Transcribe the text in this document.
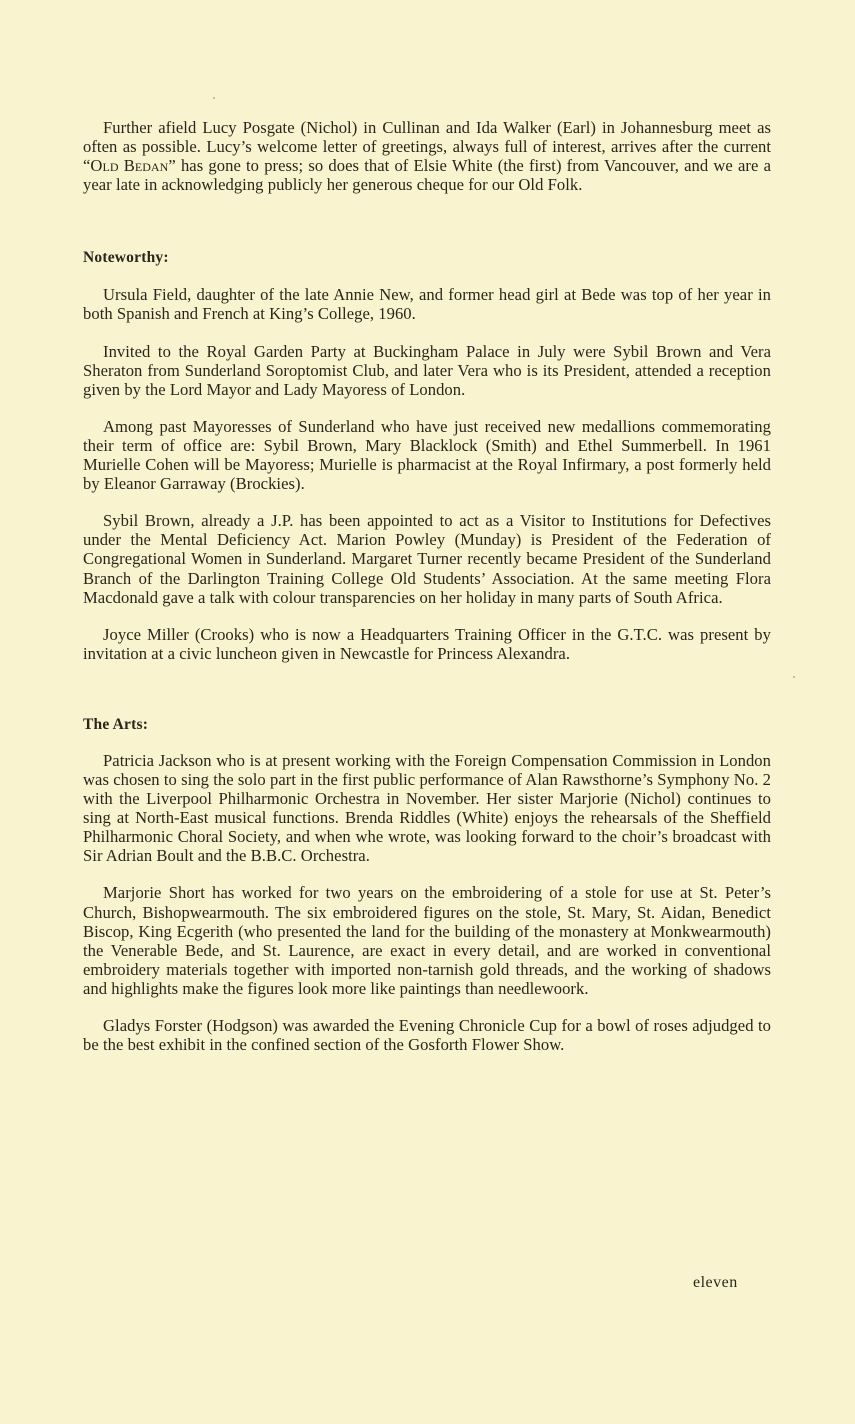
Further afield Lucy Posgate (Nichol) in Cullinan and Ida Walker (Earl) in Johannesburg meet as often as possible. Lucy’s welcome letter of greetings, always full of interest, arrives after the current “Old Bedan” has gone to press; so does that of Elsie White (the first) from Vancouver, and we are a year late in acknowledging publicly her generous cheque for our Old Folk.

Noteworthy:

Ursula Field, daughter of the late Annie New, and former head girl at Bede was top of her year in both Spanish and French at King’s College, 1960.

Invited to the Royal Garden Party at Buckingham Palace in July were Sybil Brown and Vera Sheraton from Sunderland Soroptomist Club, and later Vera who is its President, attended a reception given by the Lord Mayor and Lady Mayoress of London.

Among past Mayoresses of Sunderland who have just received new medallions commemorating their term of office are: Sybil Brown, Mary Blacklock (Smith) and Ethel Summerbell. In 1961 Murielle Cohen will be Mayoress; Murielle is pharmacist at the Royal Infirmary, a post formerly held by Eleanor Garraway (Brockies).

Sybil Brown, already a J.P. has been appointed to act as a Visitor to Institutions for Defectives under the Mental Deficiency Act. Marion Powley (Munday) is President of the Federation of Congregational Women in Sunderland. Margaret Turner recently became President of the Sunderland Branch of the Darlington Training College Old Students’ Association. At the same meeting Flora Macdonald gave a talk with colour transparencies on her holiday in many parts of South Africa.

Joyce Miller (Crooks) who is now a Headquarters Training Officer in the G.T.C. was present by invitation at a civic luncheon given in Newcastle for Princess Alexandra.

The Arts:

Patricia Jackson who is at present working with the Foreign Compensation Commission in London was chosen to sing the solo part in the first public performance of Alan Rawsthorne’s Symphony No. 2 with the Liverpool Philharmonic Orchestra in November. Her sister Marjorie (Nichol) continues to sing at North-East musical functions. Brenda Riddles (White) enjoys the rehearsals of the Sheffield Philharmonic Choral Society, and when whe wrote, was looking forward to the choir’s broadcast with Sir Adrian Boult and the B.B.C. Orchestra.

Marjorie Short has worked for two years on the embroidering of a stole for use at St. Peter’s Church, Bishopwearmouth. The six embroidered figures on the stole, St. Mary, St. Aidan, Benedict Biscop, King Ecgerith (who presented the land for the building of the monastery at Monkwearmouth) the Venerable Bede, and St. Laurence, are exact in every detail, and are worked in conventional embroidery materials together with imported non-tarnish gold threads, and the working of shadows and highlights make the figures look more like paintings than needlewoork.

Gladys Forster (Hodgson) was awarded the Evening Chronicle Cup for a bowl of roses adjudged to be the best exhibit in the confined section of the Gosforth Flower Show.

eleven
